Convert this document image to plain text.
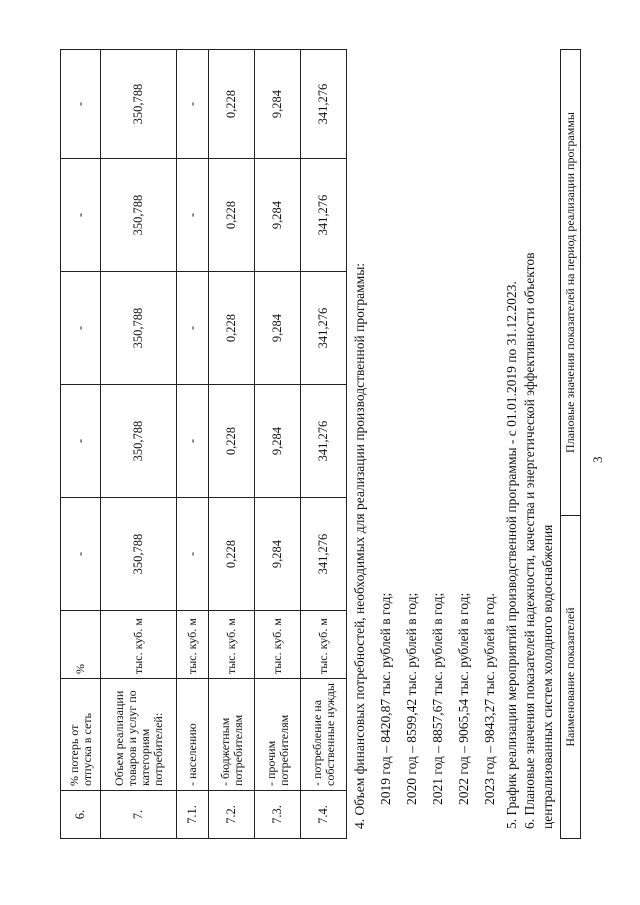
3
6.	% потерь от отпуска в сеть	%	-	-	-	-	-
7.	Объем реализации товаров и услуг по категориям потребителей:	тыс. куб. м	350,788	350,788	350,788	350,788	350,788
7.1.	- населению	тыс. куб. м	-	-	-	-	-
7.2.	- бюджетным потребителям	тыс. куб. м	0,228	0,228	0,228	0,228	0,228
7.3.	- прочим потребителям	тыс. куб. м	9,284	9,284	9,284	9,284	9,284
7.4.	- потребление на собственные нужды	тыс. куб. м	341,276	341,276	341,276	341,276	341,276
4. Объем финансовых потребностей, необходимых для реализации производственной программы: 2019 год – 8420,87 тыс. рублей в год; 2020 год – 8599,42 тыс. рублей в год; 2021 год – 8857,67 тыс. рублей в год; 2022 год – 9065,54 тыс. рублей в год; 2023 год – 9843,27 тыс. рублей в год. 5. График реализации мероприятий производственной программы - с 01.01.2019 по 31.12.2023. 6. Плановые значения показателей надежности, качества и энергетической эффективности объектов централизованных систем холодного водоснабжения Наименование показателей	Плановые значения показателей на период реализации программы
